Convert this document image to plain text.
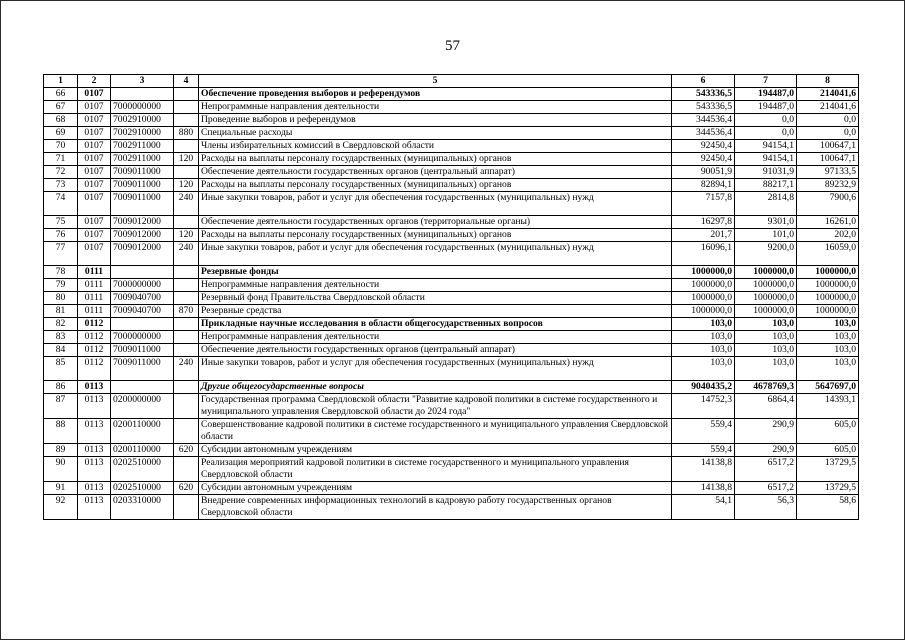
57
1	2	3	4	5	6	7	8
66	0107			Обеспечение проведения выборов и референдумов	543336,5	194487,0	214041,6
67	0107	7000000000		Непрограммные направления деятельности	543336,5	194487,0	214041,6
68	0107	7002910000		Проведение выборов и референдумов	344536,4	0,0	0,0
69	0107	7002910000	880	Специальные расходы	344536,4	0,0	0,0
70	0107	7002911000		Члены избирательных комиссий в Свердловской области	92450,4	94154,1	100647,1
71	0107	7002911000	120	Расходы на выплаты персоналу государственных (муниципальных) органов	92450,4	94154,1	100647,1
72	0107	7009011000		Обеспечение деятельности государственных органов (центральный аппарат)	90051,9	91031,9	97133,5
73	0107	7009011000	120	Расходы на выплаты персоналу государственных (муниципальных) органов	82894,1	88217,1	89232,9
74	0107	7009011000	240	Иные закупки товаров, работ и услуг для обеспечения государственных (муниципальных) нужд	7157,8	2814,8	7900,6
75	0107	7009012000		Обеспечение деятельности государственных органов (территориальные органы)	16297,8	9301,0	16261,0
76	0107	7009012000	120	Расходы на выплаты персоналу государственных (муниципальных) органов	201,7	101,0	202,0
77	0107	7009012000	240	Иные закупки товаров, работ и услуг для обеспечения государственных (муниципальных) нужд	16096,1	9200,0	16059,0
78	0111			Резервные фонды	1000000,0	1000000,0	1000000,0
79	0111	7000000000		Непрограммные направления деятельности	1000000,0	1000000,0	1000000,0
80	0111	7009040700		Резервный фонд Правительства Свердловской области	1000000,0	1000000,0	1000000,0
81	0111	7009040700	870	Резервные средства	1000000,0	1000000,0	1000000,0
82	0112			Прикладные научные исследования в области общегосударственных вопросов	103,0	103,0	103,0
83	0112	7000000000		Непрограммные направления деятельности	103,0	103,0	103,0
84	0112	7009011000		Обеспечение деятельности государственных органов (центральный аппарат)	103,0	103,0	103,0
85	0112	7009011000	240	Иные закупки товаров, работ и услуг для обеспечения государственных (муниципальных) нужд	103,0	103,0	103,0
86	0113			Другие общегосударственные вопросы	9040435,2	4678769,3	5647697,0
87	0113	0200000000		Государственная программа Свердловской области "Развитие кадровой политики в системе государственного и муниципального управления Свердловской области до 2024 года"	14752,3	6864,4	14393,1
88	0113	0200110000		Совершенствование кадровой политики в системе государственного и муниципального управления Свердловской области	559,4	290,9	605,0
89	0113	0200110000	620	Субсидии автономным учреждениям	559,4	290,9	605,0
90	0113	0202510000		Реализация мероприятий кадровой политики в системе государственного и муниципального управления Свердловской области	14138,8	6517,2	13729,5
91	0113	0202510000	620	Субсидии автономным учреждениям	14138,8	6517,2	13729,5
92	0113	0203310000		Внедрение современных информационных технологий в кадровую работу государственных органов Свердловской области	54,1	56,3	58,6
